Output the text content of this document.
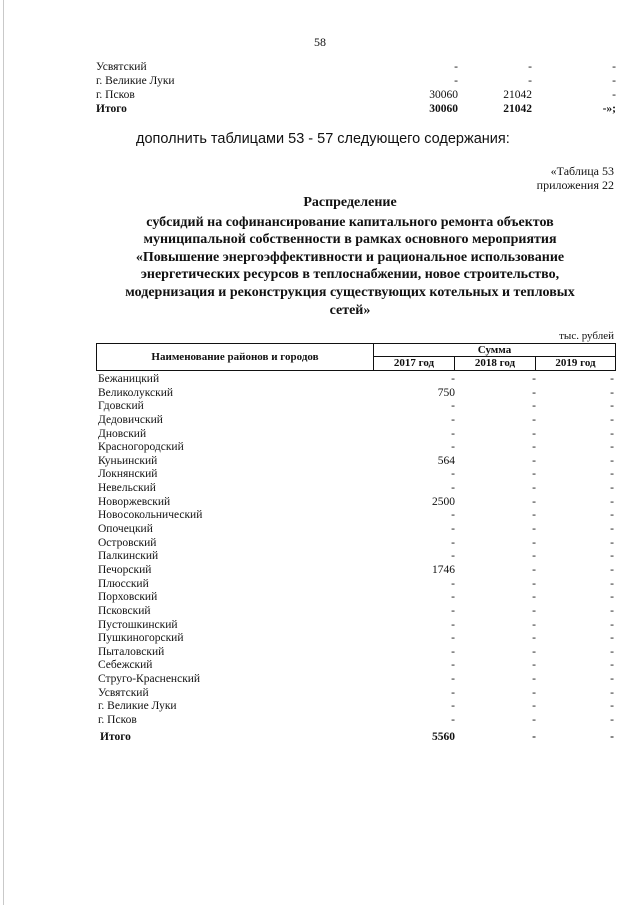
58
Усвятский	-	-	-
г. Великие Луки	-	-	-
г. Псков	30060	21042	-
Итого	30060	21042	-»;
дополнить таблицами 53 - 57 следующего содержания:
«Таблица 53
приложения 22
Распределение
субсидий на софинансирование капитального ремонта объектов
муниципальной собственности в рамках основного мероприятия
«Повышение энергоэффективности и рациональное использование
энергетических ресурсов в теплоснабжении, новое строительство,
модернизация и реконструкция существующих котельных и тепловых
сетей»
тыс. рублей
Наименование районов и городов
Сумма
2017 год	2018 год	2019 год
Бежаницкий	-	-	-
Великолукский	750	-	-
Гдовский	-	-	-
Дедовичский	-	-	-
Дновский	-	-	-
Красногородский	-	-	-
Куньинский	564	-	-
Локнянский	-	-	-
Невельский	-	-	-
Новоржевский	2500	-	-
Новосокольнический	-	-	-
Опочецкий	-	-	-
Островский	-	-	-
Палкинский	-	-	-
Печорский	1746	-	-
Плюсский	-	-	-
Порховский	-	-	-
Псковский	-	-	-
Пустошкинский	-	-	-
Пушкиногорский	-	-	-
Пыталовский	-	-	-
Себежский	-	-	-
Струго-Красненский	-	-	-
Усвятский	-	-	-
г. Великие Луки	-	-	-
г. Псков	-	-	-
Итого	5560	-	-
